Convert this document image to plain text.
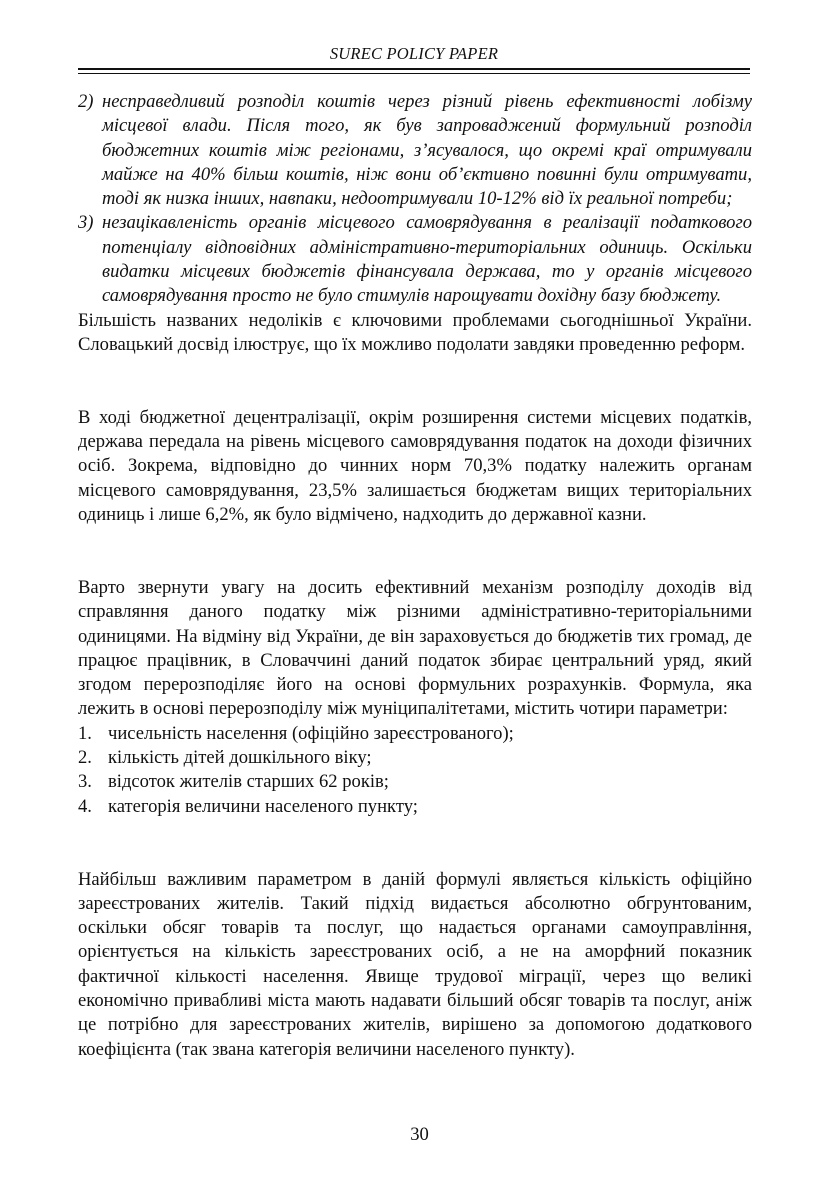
SUREC POLICY PAPER
2) несправедливий розподіл коштів через різний рівень ефективності лобізму місцевої влади. Після того, як був запроваджений формульний розподіл бюджетних коштів між регіонами, з’ясувалося, що окремі краї отримували майже на 40% більш коштів, ніж вони об’єктивно повинні були отримувати, тоді як низка інших, навпаки, недоотримували 10-12% від їх реальної потреби;

3) незацікавленість органів місцевого самоврядування в реалізації податкового потенціалу відповідних адміністративно-територіальних одиниць. Оскільки видатки місцевих бюджетів фінансувала держава, то у органів місцевого самоврядування просто не було стимулів нарощувати дохідну базу бюджету.

Більшість названих недоліків є ключовими проблемами сьогоднішньої України. Словацький досвід ілюструє, що їх можливо подолати завдяки проведенню реформ.

В ході бюджетної децентралізації, окрім розширення системи місцевих податків, держава передала на рівень місцевого самоврядування податок на доходи фізичних осіб. Зокрема, відповідно до чинних норм 70,3% податку належить органам місцевого самоврядування, 23,5% залишається бюджетам вищих територіальних одиниць і лише 6,2%, як було відмічено, надходить до державної казни.

Варто звернути увагу на досить ефективний механізм розподілу доходів від справляння даного податку між різними адміністративно-територіальними одиницями. На відміну від України, де він зараховується до бюджетів тих громад, де працює працівник, в Словаччині даний податок збирає центральний уряд, який згодом перерозподіляє його на основі формульних розрахунків. Формула, яка лежить в основі перерозподілу між муніципалітетами, містить чотири параметри:

1. чисельність населення (офіційно зареєстрованого);

2. кількість дітей дошкільного віку;

3. відсоток жителів старших 62 років;

4. категорія величини населеного пункту;

Найбільш важливим параметром в даній формулі являється кількість офіційно зареєстрованих жителів. Такий підхід видається абсолютно обгрунтованим, оскільки обсяг товарів та послуг, що надається органами самоуправління, орієнтується на кількість зареєстрованих осіб, а не на аморфний показник фактичної кількості населення. Явище трудової міграції, через що великі економічно привабливі міста мають надавати більший обсяг товарів та послуг, аніж це потрібно для зареєстрованих жителів, вирішено за допомогою додаткового коефіцієнта (так звана категорія величини населеного пункту).

30
